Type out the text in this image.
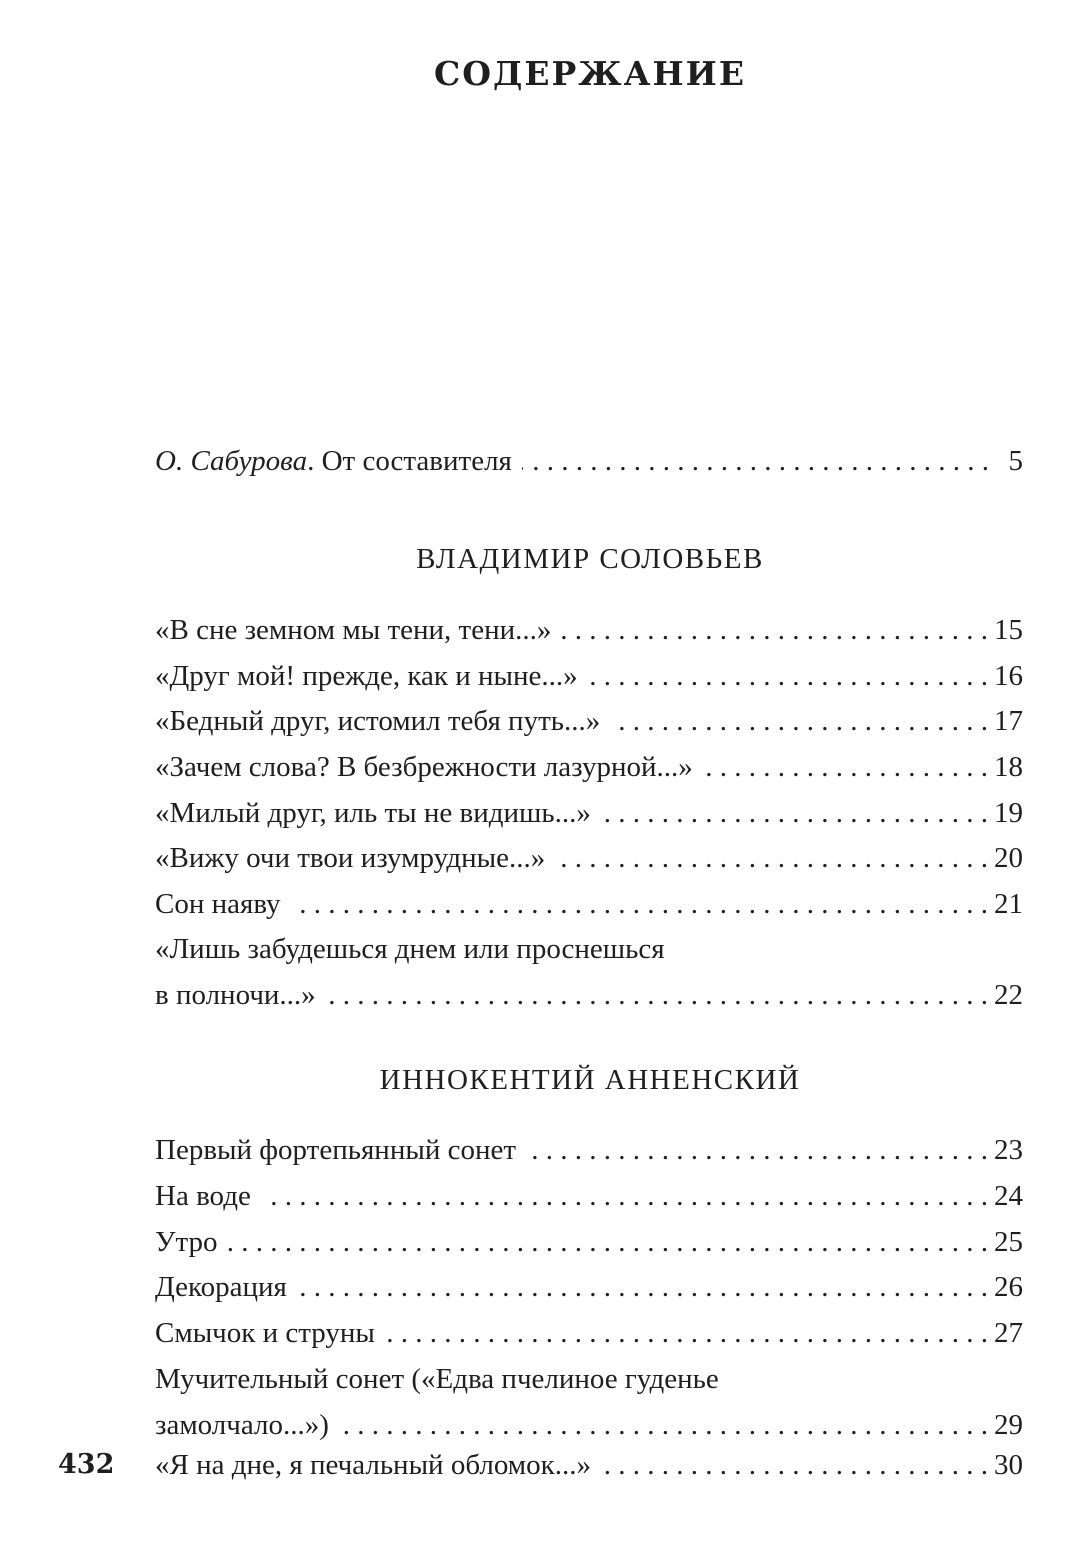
СОДЕРЖАНИЕ
О. Сабурова. От составителя . . .	5
ВЛАДИМИР СОЛОВЬЕВ
«В сне земном мы тени, тени...» . . .	15
«Друг мой! прежде, как и ныне...» . . .	16
«Бедный друг, истомил тебя путь...» . . .	17
«Зачем слова? В безбрежности лазурной...» . . .	18
«Милый друг, иль ты не видишь...» . . .	19
«Вижу очи твои изумрудные...» . . .	20
Сон наяву . . .	21
«Лишь забудешься днем или проснешься
в полночи...» . . .	22
ИННОКЕНТИЙ АННЕНСКИЙ
Первый фортепьянный сонет . . .	23
На воде . . .	24
Утро . . .	25
Декорация . . .	26
Смычок и струны . . .	27
Мучительный сонет («Едва пчелиное гуденье
замолчало...») . . .	29
«Я на дне, я печальный обломок...» . . .	30
432
